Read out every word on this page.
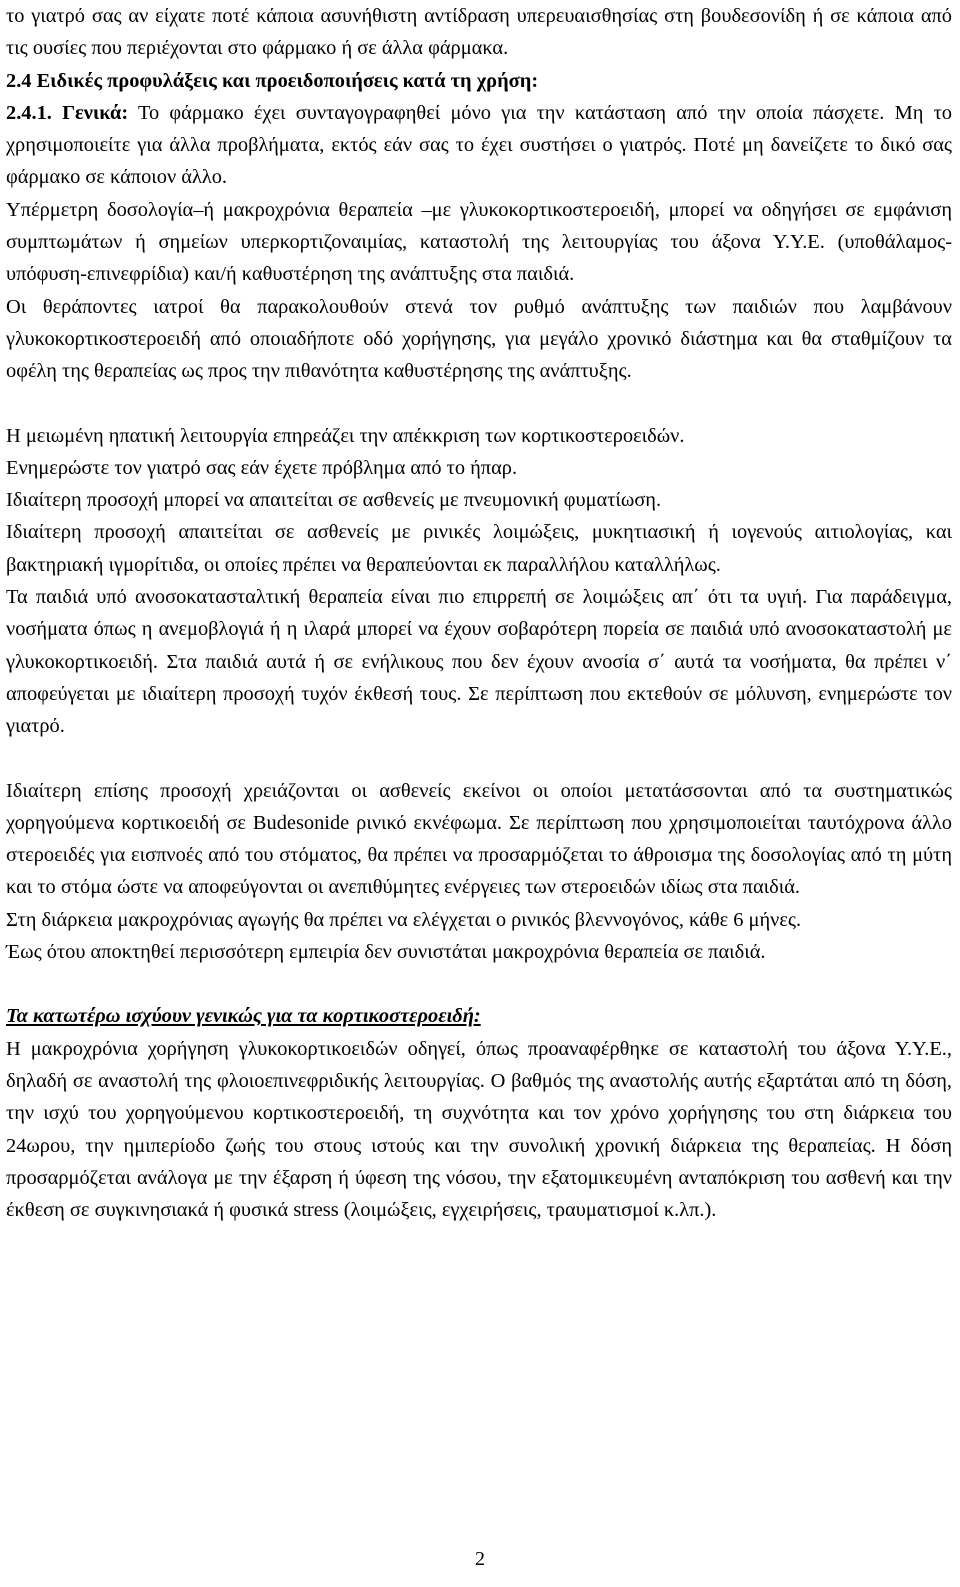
το γιατρό σας αν είχατε ποτέ κάποια ασυνήθιστη αντίδραση υπερευαισθησίας στη βουδεσονίδη ή σε κάποια από τις ουσίες που περιέχονται στο φάρμακο ή σε άλλα φάρμακα.

2.4 Ειδικές προφυλάξεις και προειδοποιήσεις κατά τη χρήση:

2.4.1. Γενικά: Το φάρμακο έχει συνταγογραφηθεί μόνο για την κατάσταση από την οποία πάσχετε. Μη το χρησιμοποιείτε για άλλα προβλήματα, εκτός εάν σας το έχει συστήσει ο γιατρός. Ποτέ μη δανείζετε το δικό σας φάρμακο σε κάποιον άλλο.

Υπέρμετρη δοσολογία–ή μακροχρόνια θεραπεία –με γλυκοκορτικοστεροειδή, μπορεί να οδηγήσει σε εμφάνιση συμπτωμάτων ή σημείων υπερκορτιζοναιμίας, καταστολή της λειτουργίας του άξονα Υ.Υ.Ε. (υποθάλαμος-υπόφυση-επινεφρίδια) και/ή καθυστέρηση της ανάπτυξης στα παιδιά.

Οι θεράποντες ιατροί θα παρακολουθούν στενά τον ρυθμό ανάπτυξης των παιδιών που λαμβάνουν γλυκοκορτικοστεροειδή από οποιαδήποτε οδό χορήγησης, για μεγάλο χρονικό διάστημα και θα σταθμίζουν τα οφέλη της θεραπείας ως προς την πιθανότητα καθυστέρησης της ανάπτυξης.

Η μειωμένη ηπατική λειτουργία επηρεάζει την απέκκριση των κορτικοστεροειδών.

Ενημερώστε τον γιατρό σας εάν έχετε πρόβλημα από το ήπαρ.

Ιδιαίτερη προσοχή μπορεί να απαιτείται σε ασθενείς με πνευμονική φυματίωση.

Ιδιαίτερη προσοχή απαιτείται σε ασθενείς με ρινικές λοιμώξεις, μυκητιασική ή ιογενούς αιτιολογίας, και βακτηριακή ιγμορίτιδα, οι οποίες πρέπει να θεραπεύονται εκ παραλλήλου καταλλήλως.

Τα παιδιά υπό ανοσοκατασταλτική θεραπεία είναι πιο επιρρεπή σε λοιμώξεις απ΄ ότι τα υγιή. Για παράδειγμα, νοσήματα όπως η ανεμοβλογιά ή η ιλαρά μπορεί να έχουν σοβαρότερη πορεία σε παιδιά υπό ανοσοκαταστολή με γλυκοκορτικοειδή. Στα παιδιά αυτά ή σε ενήλικους που δεν έχουν ανοσία σ΄ αυτά τα νοσήματα, θα πρέπει ν΄ αποφεύγεται με ιδιαίτερη προσοχή τυχόν έκθεσή τους. Σε περίπτωση που εκτεθούν σε μόλυνση, ενημερώστε τον γιατρό.

Ιδιαίτερη επίσης προσοχή χρειάζονται οι ασθενείς εκείνοι οι οποίοι μετατάσσονται από τα συστηματικώς χορηγούμενα κορτικοειδή σε Budesonide ρινικό εκνέφωμα. Σε περίπτωση που χρησιμοποιείται ταυτόχρονα άλλο στεροειδές για εισπνοές από του στόματος, θα πρέπει να προσαρμόζεται το άθροισμα της δοσολογίας από τη μύτη και το στόμα ώστε να αποφεύγονται οι ανεπιθύμητες ενέργειες των στεροειδών ιδίως στα παιδιά.

Στη διάρκεια μακροχρόνιας αγωγής θα πρέπει να ελέγχεται ο ρινικός βλεννογόνος, κάθε 6 μήνες.

Έως ότου αποκτηθεί περισσότερη εμπειρία δεν συνιστάται μακροχρόνια θεραπεία σε παιδιά.

Τα κατωτέρω ισχύουν γενικώς για τα κορτικοστεροειδή:

Η μακροχρόνια χορήγηση γλυκοκορτικοειδών οδηγεί, όπως προαναφέρθηκε σε καταστολή του άξονα Υ.Υ.Ε., δηλαδή σε αναστολή της φλοιοεπινεφριδικής λειτουργίας. Ο βαθμός της αναστολής αυτής εξαρτάται από τη δόση, την ισχύ του χορηγούμενου κορτικοστεροειδή, τη συχνότητα και τον χρόνο χορήγησης του στη διάρκεια του 24ωρου, την ημιπερίοδο ζωής του στους ιστούς και την συνολική χρονική διάρκεια της θεραπείας. Η δόση προσαρμόζεται ανάλογα με την έξαρση ή ύφεση της νόσου, την εξατομικευμένη ανταπόκριση του ασθενή και την έκθεση σε συγκινησιακά ή φυσικά stress (λοιμώξεις, εγχειρήσεις, τραυματισμοί κ.λπ.).

2
